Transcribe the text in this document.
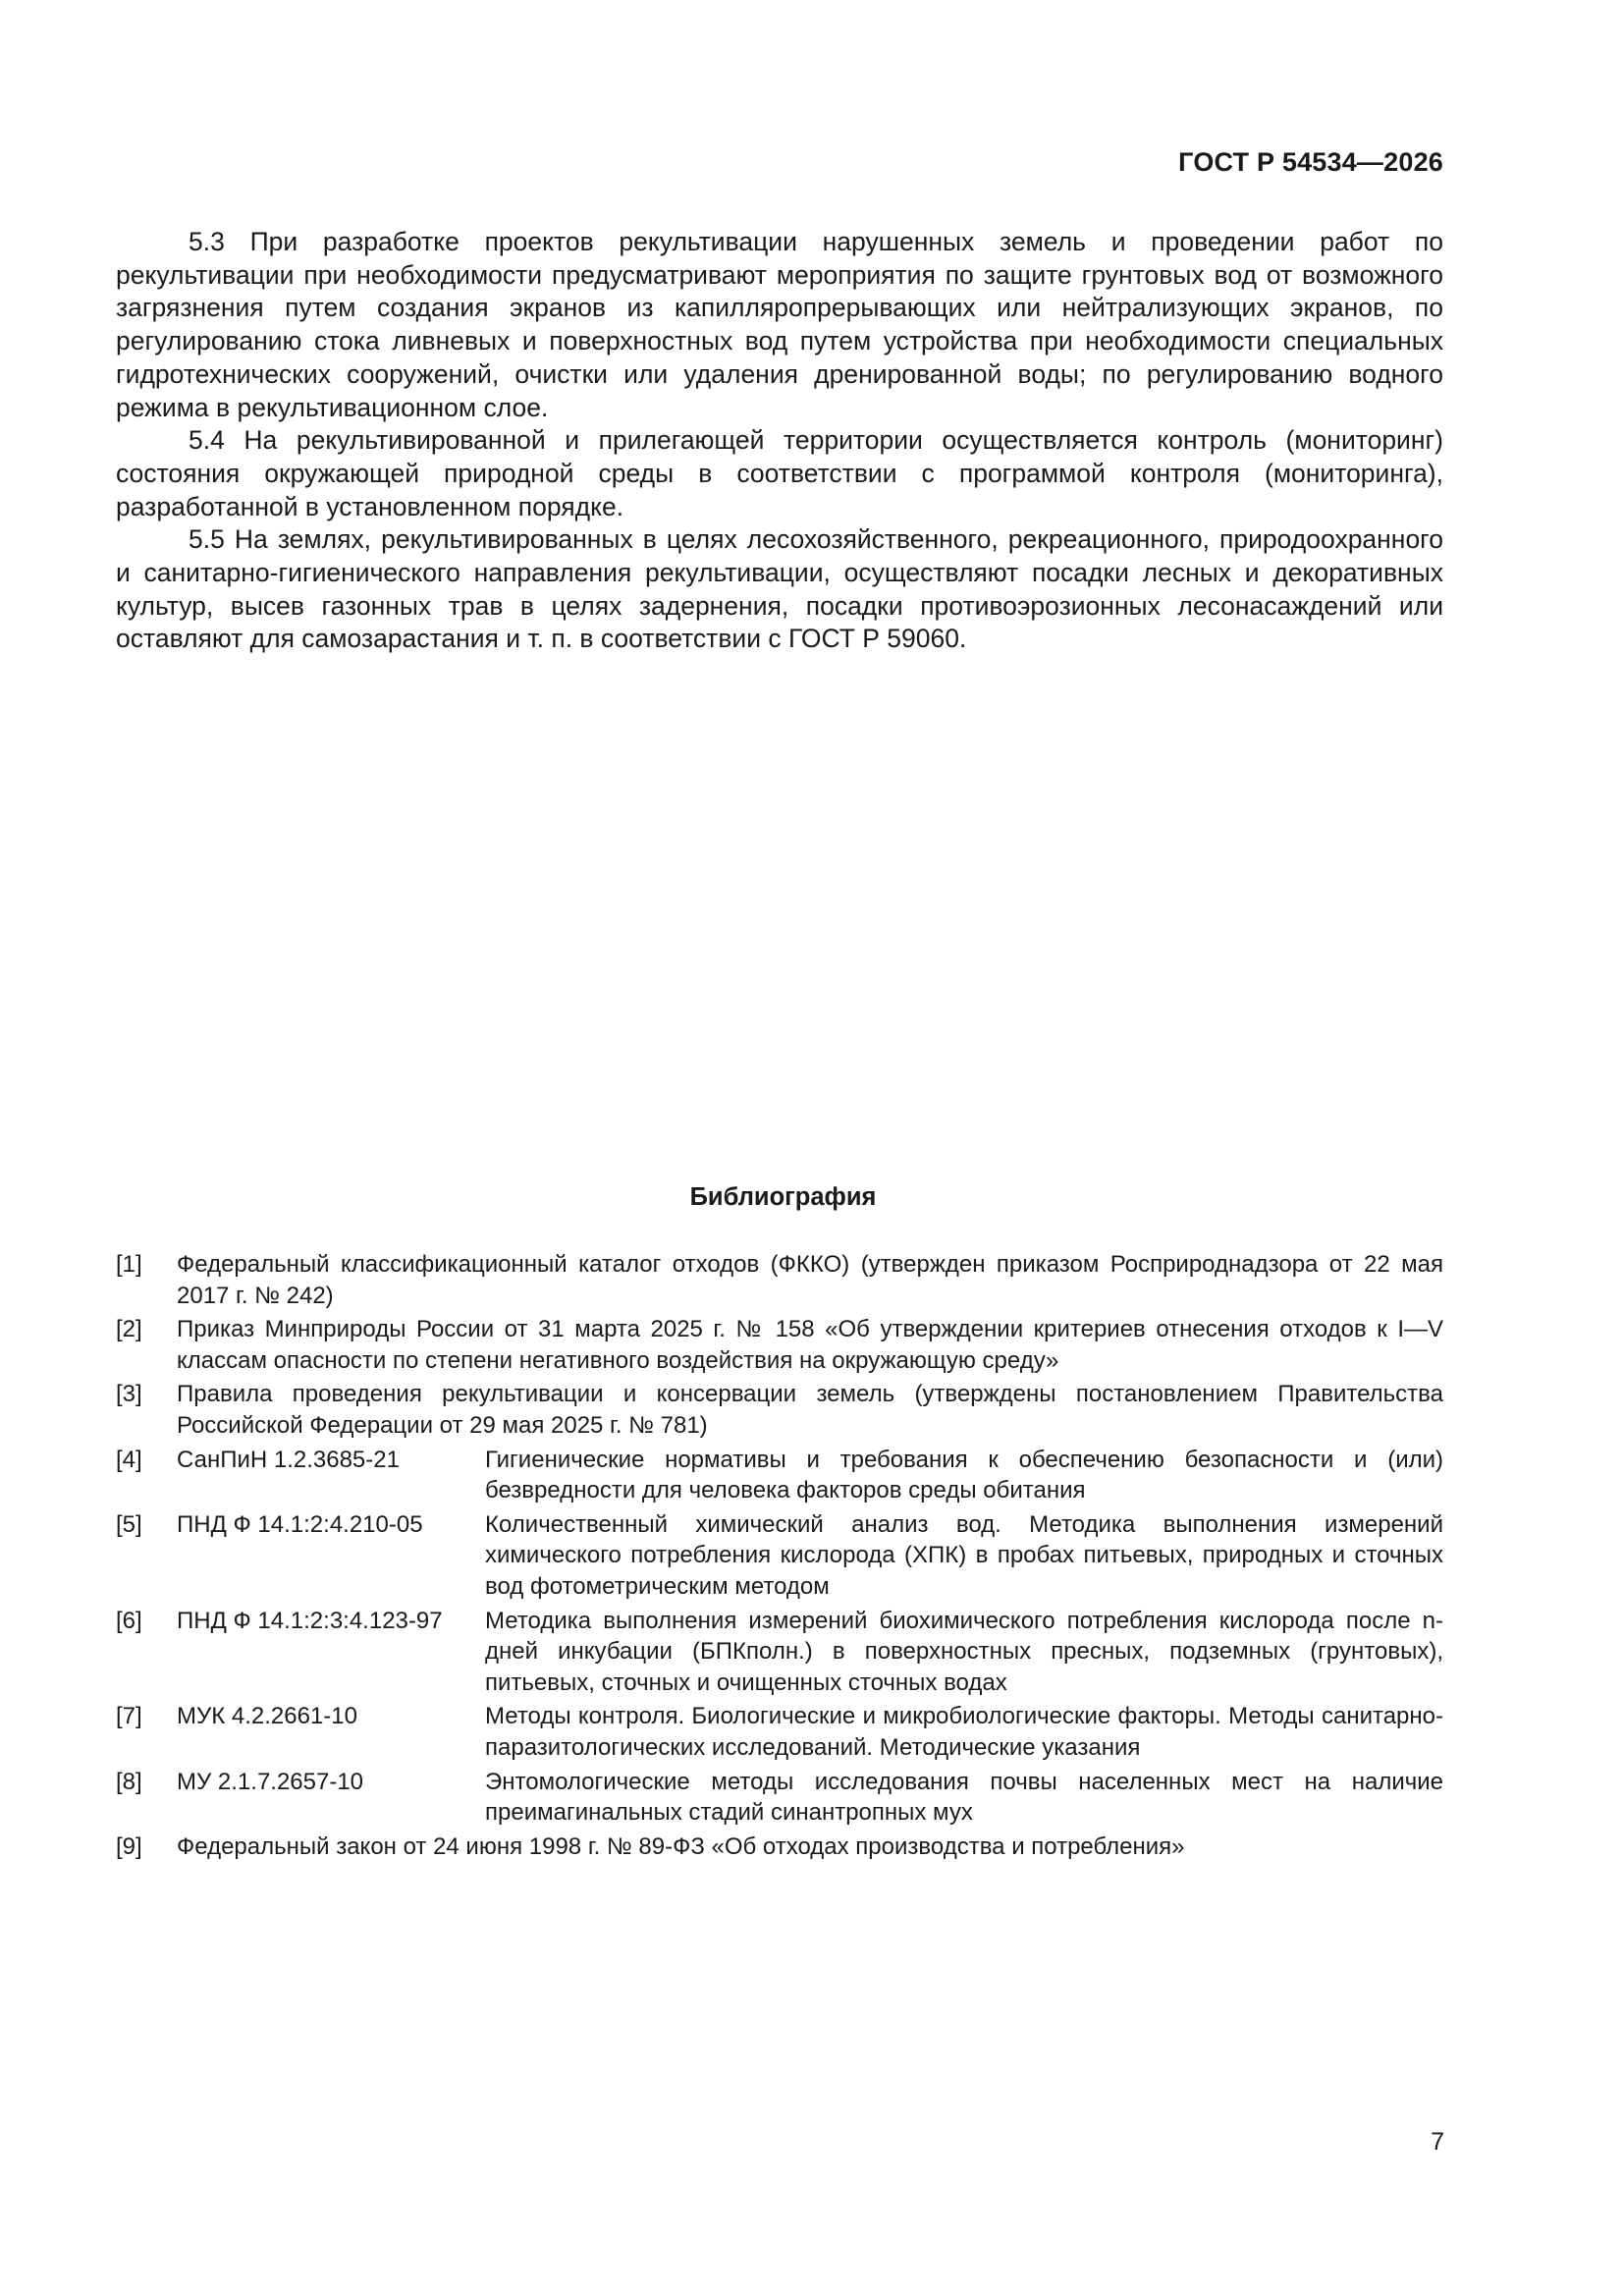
ГОСТ Р 54534—2026

5.3 При разработке проектов рекультивации нарушенных земель и проведении работ по рекультивации при необходимости предусматривают мероприятия по защите грунтовых вод от возможного загрязнения путем создания экранов из капилляропрерывающих или нейтрализующих экранов, по регулированию стока ливневых и поверхностных вод путем устройства при необходимости специальных гидротехнических сооружений, очистки или удаления дренированной воды; по регулированию водного режима в рекультивационном слое.

5.4 На рекультивированной и прилегающей территории осуществляется контроль (мониторинг) состояния окружающей природной среды в соответствии с программой контроля (мониторинга), разработанной в установленном порядке.

5.5 На землях, рекультивированных в целях лесохозяйственного, рекреационного, природоохранного и санитарно-гигиенического направления рекультивации, осуществляют посадки лесных и декоративных культур, высев газонных трав в целях задернения, посадки противоэрозионных лесонасаждений или оставляют для самозарастания и т. п. в соответствии с ГОСТ Р 59060.

Библиография
[1]	Федеральный классификационный каталог отходов (ФККО) (утвержден приказом Росприроднадзора от 22 мая 2017 г. № 242)
[2]	Приказ Минприроды России от 31 марта 2025 г. № 158 «Об утверждении критериев отнесения отходов к I—V классам опасности по степени негативного воздействия на окружающую среду»
[3]	Правила проведения рекультивации и консервации земель (утверждены постановлением Правительства Российской Федерации от 29 мая 2025 г. № 781)
[4]	СанПиН 1.2.3685-21	Гигиенические нормативы и требования к обеспечению безопасности и (или) безвредности для человека факторов среды обитания
[5]	ПНД Ф 14.1:2:4.210-05	Количественный химический анализ вод. Методика выполнения измерений химического потребления кислорода (ХПК) в пробах питьевых, природных и сточных вод фотометрическим методом
[6]	ПНД Ф 14.1:2:3:4.123-97	Методика выполнения измерений биохимического потребления кислорода после n-дней инкубации (БПКполн.) в поверхностных пресных, подземных (грунтовых), питьевых, сточных и очищенных сточных водах
[7]	МУК 4.2.2661-10	Методы контроля. Биологические и микробиологические факторы. Методы санитарно-паразитологических исследований. Методические указания
[8]	МУ 2.1.7.2657-10	Энтомологические методы исследования почвы населенных мест на наличие преимагинальных стадий синантропных мух
[9]	Федеральный закон от 24 июня 1998 г. № 89-ФЗ «Об отходах производства и потребления»
7
